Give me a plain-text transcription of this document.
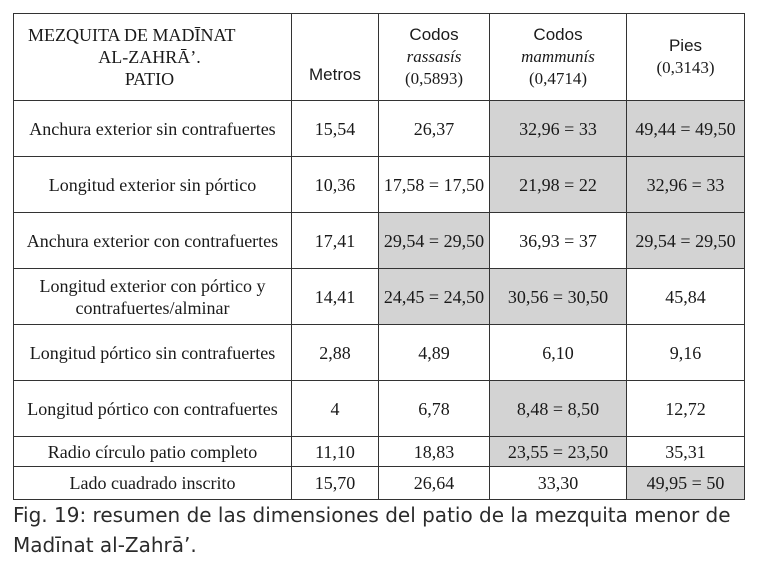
MEZQUITA DE MADĪNAT
AL-ZAHRĀ’.
PATIO	Metros	Codos
rassasís
(0,5893)	Codos
mammunís
(0,4714)	Pies
(0,3143)

Anchura exterior sin contrafuertes	15,54	26,37	32,96 = 33	49,44 = 49,50
Longitud exterior sin pórtico	10,36	17,58 = 17,50	21,98 = 22	32,96 = 33
Anchura exterior con contrafuertes	17,41	29,54 = 29,50	36,93 = 37	29,54 = 29,50
Longitud exterior con pórtico y contrafuertes/alminar	14,41	24,45 = 24,50	30,56 = 30,50	45,84
Longitud pórtico sin contrafuertes	2,88	4,89	6,10	9,16
Longitud pórtico con contrafuertes	4	6,78	8,48 = 8,50	12,72
Radio círculo patio completo	11,10	18,83	23,55 = 23,50	35,31
Lado cuadrado inscrito	15,70	26,64	33,30	49,95 = 50

Fig. 19: resumen de las dimensiones del patio de la mezquita menor de Madīnat al-Zahrā’.
